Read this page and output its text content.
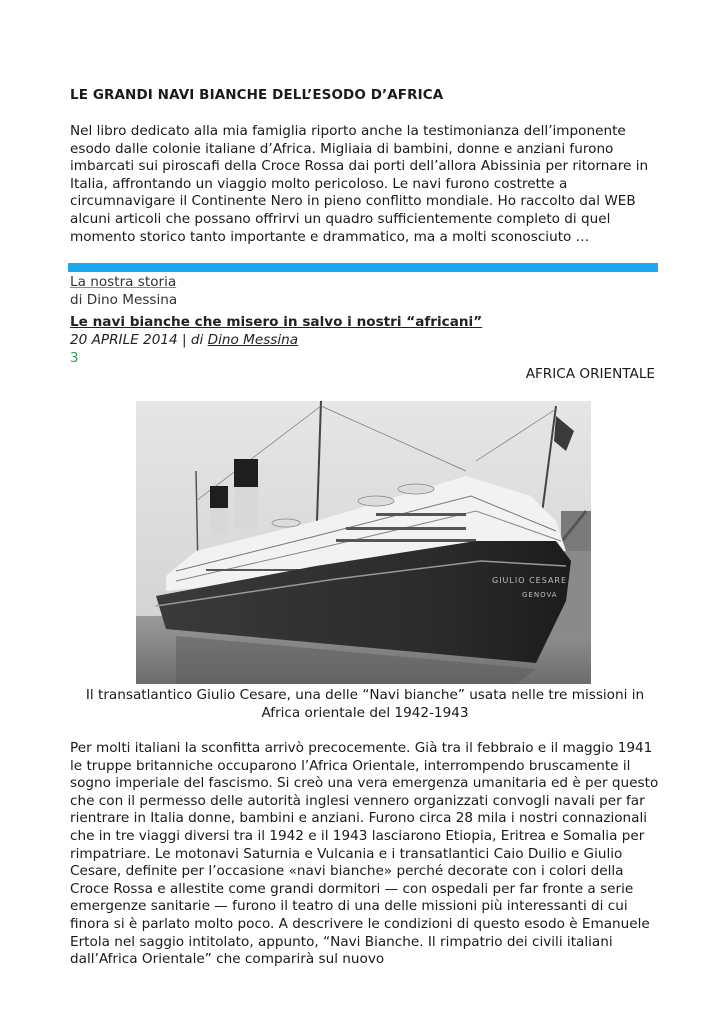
LE GRANDI NAVI BIANCHE DELL’ESODO D’AFRICA
Nel libro dedicato alla mia famiglia riporto anche la testimonianza dell’imponente esodo dalle colonie italiane d’Africa. Migliaia di bambini, donne e anziani furono imbarcati sui piroscafi della Croce Rossa dai porti dell’allora Abissinia per ritornare in Italia, affrontando un viaggio molto pericoloso. Le navi furono costrette a circumnavigare il Continente Nero in pieno conflitto mondiale. Ho raccolto dal WEB alcuni articoli che possano offrirvi un quadro sufficientemente completo di quel momento storico tanto importante e drammatico, ma a molti sconosciuto …
La nostra storia
di Dino Messina
Le navi bianche che misero in salvo i nostri “africani”
20 APRILE 2014 | di Dino Messina
3
AFRICA ORIENTALE
GIULIO CESARE
GENOVA
Il transatlantico Giulio Cesare, una delle “Navi bianche” usata nelle tre missioni in Africa orientale del 1942-1943
Per molti italiani la sconfitta arrivò precocemente. Già tra il febbraio e il maggio 1941 le truppe britanniche occuparono l’Africa Orientale, interrompendo bruscamente il sogno imperiale del fascismo. Si creò una vera emergenza umanitaria ed è per questo che con il permesso delle autorità inglesi vennero organizzati convogli navali per far rientrare in Italia donne, bambini e anziani. Furono circa 28 mila i nostri connazionali che in tre viaggi diversi tra il 1942 e il 1943 lasciarono Etiopia, Eritrea e Somalia per rimpatriare. Le motonavi Saturnia e Vulcania e i transatlantici Caio Duilio e Giulio Cesare, definite per l’occasione «navi bianche» perché decorate con i colori della Croce Rossa e allestite come grandi dormitori — con ospedali per far fronte a serie emergenze sanitarie — furono il teatro di una delle missioni più interessanti di cui finora si è parlato molto poco. A descrivere le condizioni di questo esodo è Emanuele Ertola nel saggio intitolato, appunto, “Navi Bianche. Il rimpatrio dei civili italiani dall’Africa Orientale” che comparirà sul nuovo
